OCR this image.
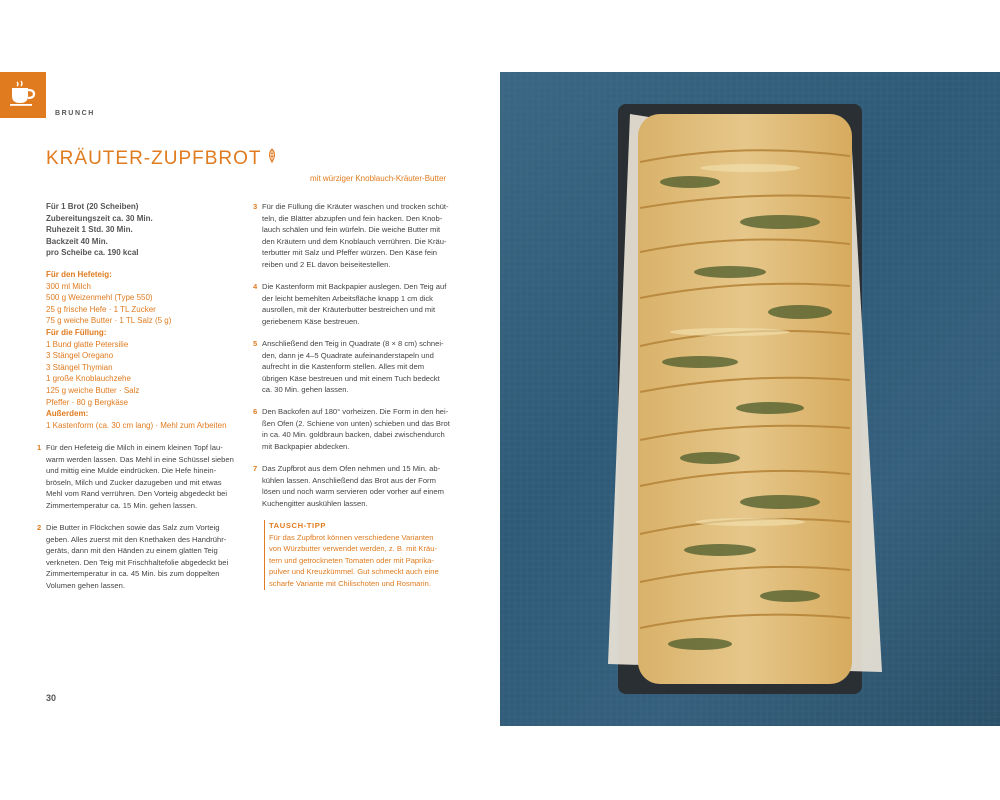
BRUNCH
KRÄUTER-ZUPFBROT
mit würziger Knoblauch-Kräuter-Butter
Für 1 Brot (20 Scheiben)
Zubereitungszeit ca. 30 Min.
Ruhezeit 1 Std. 30 Min.
Backzeit 40 Min.
pro Scheibe ca. 190 kcal
Für den Hefeteig:
300 ml Milch
500 g Weizenmehl (Type 550)
25 g frische Hefe · 1 TL Zucker
75 g weiche Butter · 1 TL Salz (5 g)
Für die Füllung:
1 Bund glatte Petersilie
3 Stängel Oregano
3 Stängel Thymian
1 große Knoblauchzehe
125 g weiche Butter · Salz
Pfeffer · 80 g Bergkäse
Außerdem:
1 Kastenform (ca. 30 cm lang) · Mehl zum Arbeiten
1 Für den Hefeteig die Milch in einem kleinen Topf lau-
warm werden lassen. Das Mehl in eine Schüssel sieben
und mittig eine Mulde eindrücken. Die Hefe hinein-
bröseln, Milch und Zucker dazugeben und mit etwas
Mehl vom Rand verrühren. Den Vorteig abgedeckt bei
Zimmertemperatur ca. 15 Min. gehen lassen.
2 Die Butter in Flöckchen sowie das Salz zum Vorteig
geben. Alles zuerst mit den Knethaken des Handrühr-
geräts, dann mit den Händen zu einem glatten Teig
verkneten. Den Teig mit Frischhaltefolie abgedeckt bei
Zimmertemperatur in ca. 45 Min. bis zum doppelten
Volumen gehen lassen.
3 Für die Füllung die Kräuter waschen und trocken schüt-
teln, die Blätter abzupfen und fein hacken. Den Knob-
lauch schälen und fein würfeln. Die weiche Butter mit
den Kräutern und dem Knoblauch verrühren. Die Kräu-
terbutter mit Salz und Pfeffer würzen. Den Käse fein
reiben und 2 EL davon beiseitestellen.
4 Die Kastenform mit Backpapier auslegen. Den Teig auf
der leicht bemehlten Arbeitsfläche knapp 1 cm dick
ausrollen, mit der Kräuterbutter bestreichen und mit
geriebenem Käse bestreuen.
5 Anschließend den Teig in Quadrate (8 × 8 cm) schnei-
den, dann je 4–5 Quadrate aufeinanderstapeln und
aufrecht in die Kastenform stellen. Alles mit dem
übrigen Käse bestreuen und mit einem Tuch bedeckt
ca. 30 Min. gehen lassen.
6 Den Backofen auf 180° vorheizen. Die Form in den hei-
ßen Ofen (2. Schiene von unten) schieben und das Brot
in ca. 40 Min. goldbraun backen, dabei zwischendurch
mit Backpapier abdecken.
7 Das Zupfbrot aus dem Ofen nehmen und 15 Min. ab-
kühlen lassen. Anschließend das Brot aus der Form
lösen und noch warm servieren oder vorher auf einem
Kuchengitter auskühlen lassen.
TAUSCH-TIPP
Für das Zupfbrot können verschiedene Varianten
von Würzbutter verwendet werden, z. B. mit Kräu-
tern und getrockneten Tomaten oder mit Paprika-
pulver und Kreuzkümmel. Gut schmeckt auch eine
scharfe Variante mit Chilischoten und Rosmarin.
30
